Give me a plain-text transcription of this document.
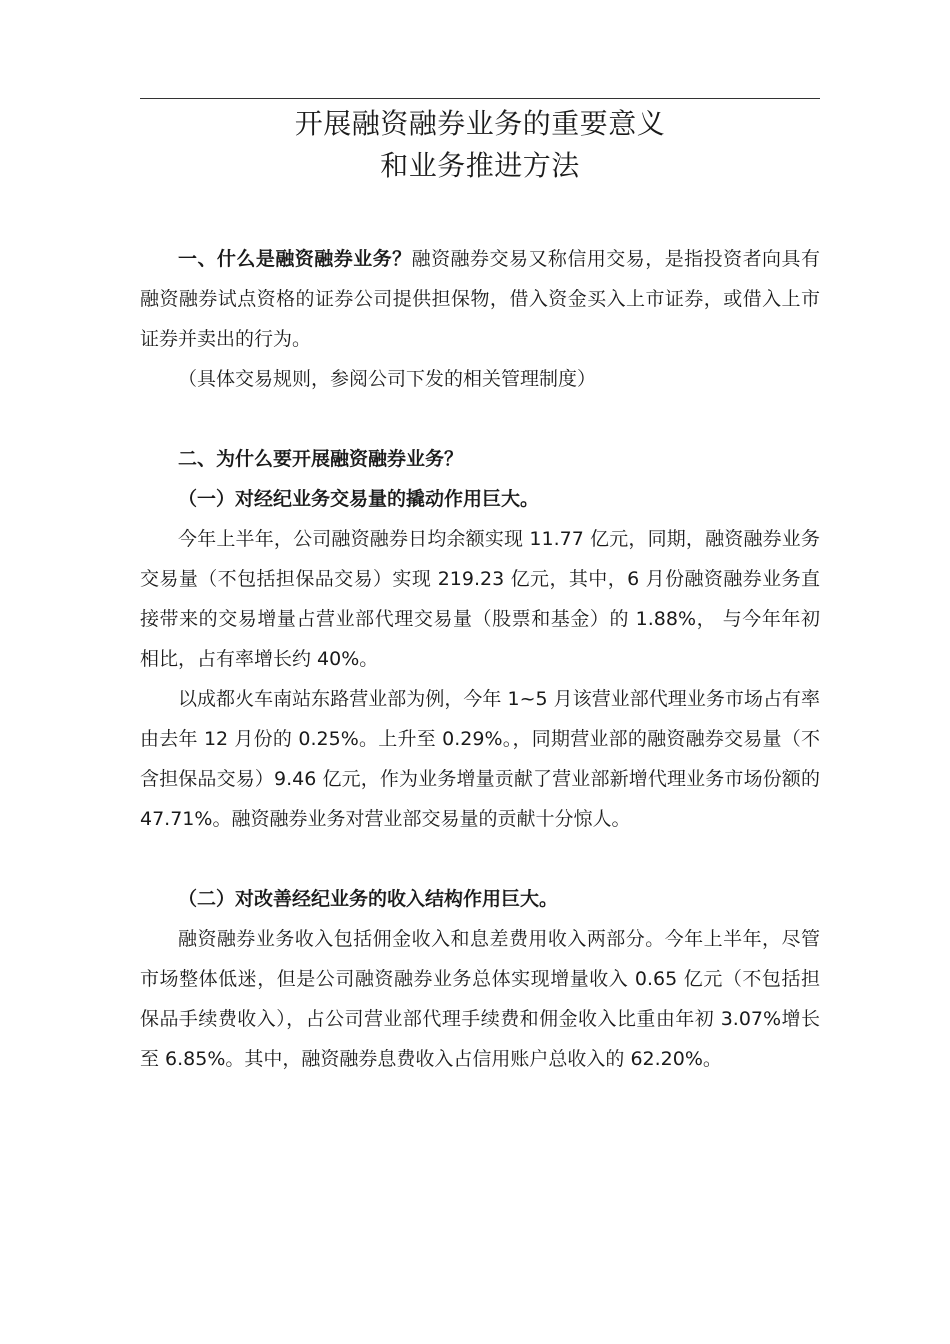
开展融资融券业务的重要意义
和业务推进方法

一、什么是融资融券业务？融资融券交易又称信用交易，是指投资者向具有融资融券试点资格的证券公司提供担保物，借入资金买入上市证券，或借入上市证券并卖出的行为。

（具体交易规则，参阅公司下发的相关管理制度）

二、为什么要开展融资融券业务？

（一）对经纪业务交易量的撬动作用巨大。

今年上半年，公司融资融券日均余额实现 11.77 亿元，同期，融资融券业务交易量（不包括担保品交易）实现 219.23 亿元，其中，6 月份融资融券业务直接带来的交易增量占营业部代理交易量（股票和基金）的 1.88%， 与今年年初相比，占有率增长约 40%。

以成都火车南站东路营业部为例，今年 1~5 月该营业部代理业务市场占有率由去年 12 月份的 0.25%。上升至 0.29%。，同期营业部的融资融券交易量（不含担保品交易）9.46 亿元，作为业务增量贡献了营业部新增代理业务市场份额的 47.71%。融资融券业务对营业部交易量的贡献十分惊人。

（二）对改善经纪业务的收入结构作用巨大。

融资融券业务收入包括佣金收入和息差费用收入两部分。今年上半年，尽管市场整体低迷，但是公司融资融券业务总体实现增量收入 0.65 亿元（不包括担保品手续费收入），占公司营业部代理手续费和佣金收入比重由年初 3.07%增长至 6.85%。其中，融资融券息费收入占信用账户总收入的 62.20%。
